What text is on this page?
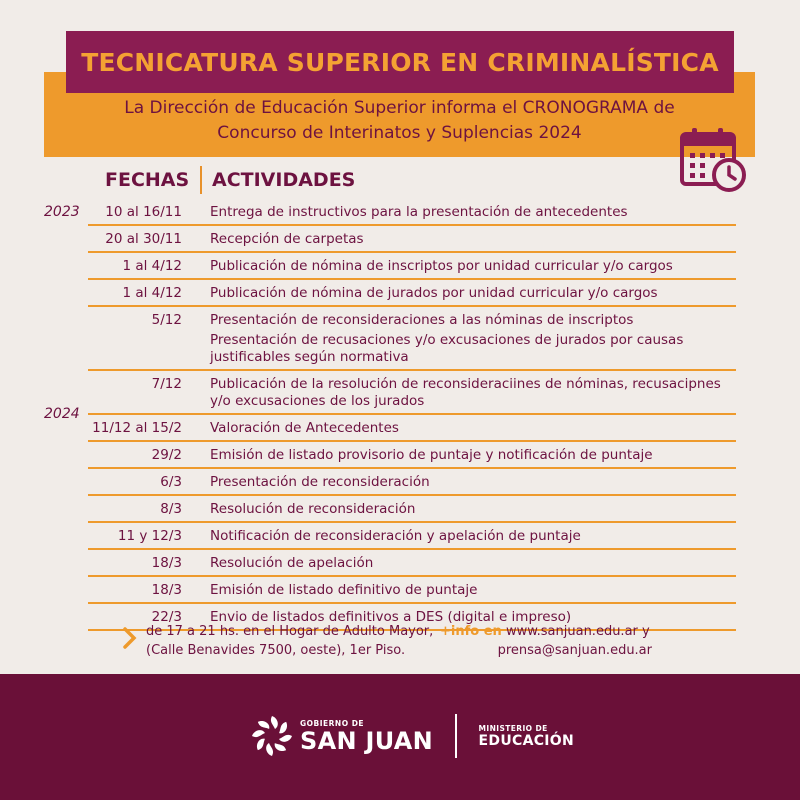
TECNICATURA SUPERIOR EN CRIMINALÍSTICA
La Dirección de Educación Superior informa el CRONOGRAMA de
Concurso de Interinatos y Suplencias 2024
FECHAS ACTIVIDADES
2023
2024
10 al 16/11	Entrega de instructivos para la presentación de antecedentes
20 al 30/11	Recepción de carpetas
1 al 4/12	Publicación de nómina de inscriptos por unidad curricular y/o cargos
1 al 4/12	Publicación de nómina de jurados por unidad curricular y/o cargos
5/12	Presentación de reconsideraciones a las nóminas de inscriptos
Presentación de recusaciones y/o excusaciones de jurados por causas justificables según normativa
7/12	Publicación de la resolución de reconsideraciines de nóminas, recusacipnes y/o excusaciones de los jurados
11/12 al 15/2	Valoración de Antecedentes
29/2	Emisión de listado provisorio de puntaje y notificación de puntaje
6/3	Presentación de reconsideración
8/3	Resolución de reconsideración
11 y 12/3	Notificación de reconsideración y apelación de puntaje
18/3	Resolución de apelación
18/3	Emisión de listado definitivo de puntaje
22/3	Envio de listados definitivos a DES (digital e impreso)
de 17 a 21 hs. en el Hogar de Adulto Mayor,
(Calle Benavides 7500, oeste), 1er Piso.
+info en www.sanjuan.edu.ar y
prensa@sanjuan.edu.ar
GOBIERNO DE
SAN JUAN	MINISTERIO DE
EDUCACIÓN
